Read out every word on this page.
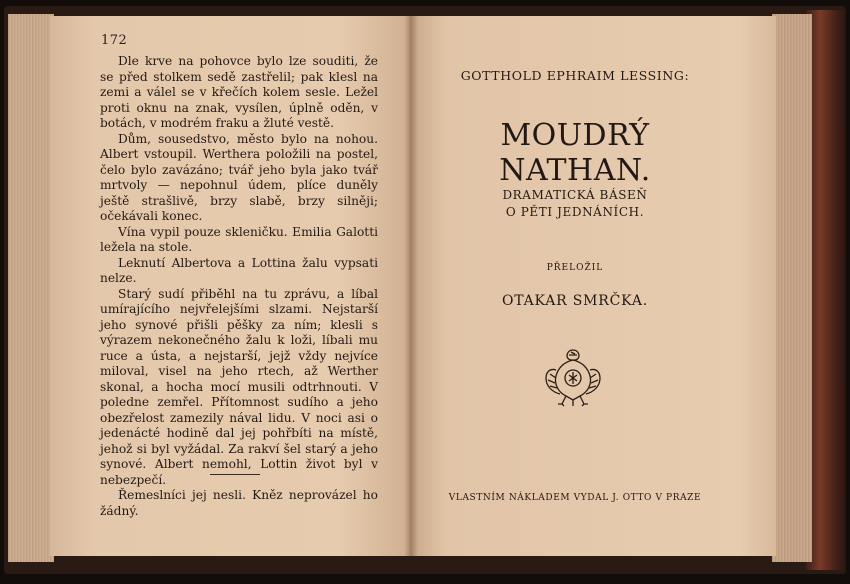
172

Dle krve na pohovce bylo lze souditi, že se před stolkem sedě zastřelil; pak klesl na zemi a válel se v křečích kolem sesle. Ležel proti oknu na znak, vysílen, úplně oděn, v botách, v modrém fraku a žluté vestě.

Dům, sousedstvo, město bylo na nohou. Albert vstoupil. Werthera položili na postel, čelo bylo zavázáno; tvář jeho byla jako tvář mrtvoly — nepohnul údem, plíce duněly ještě strašlivě, brzy slabě, brzy silněji; očekávali konec.

Vína vypil pouze skleničku. Emilia Galotti ležela na stole.

Leknutí Albertova a Lottina žalu vypsati nelze.

Starý sudí přiběhl na tu zprávu, a líbal umírajícího nejvřelejšími slzami. Nejstarší jeho synové přišli pěšky za ním; klesli s výrazem nekonečného žalu k loži, líbali mu ruce a ústa, a nejstarší, jejž vždy nejvíce miloval, visel na jeho rtech, až Werther skonal, a hocha mocí musili odtrhnouti. V poledne zemřel. Přítomnost sudího a jeho obezřelost zamezily nával lidu. V noci asi o jedenácté hodině dal jej pohřbíti na místě, jehož si byl vyžádal. Za rakví šel starý a jeho synové. Albert nemohl, Lottin život byl v nebezpečí.

Řemeslníci jej nesli. Kněz neprovázel ho žádný.

GOTTHOLD EPHRAIM LESSING:
MOUDRÝ NATHAN.
DRAMATICKÁ BÁSEŇ
O PĚTI JEDNÁNÍCH.
PŘELOŽIL
OTAKAR SMRČKA.
VLASTNÍM NÁKLADEM VYDAL J. OTTO V PRAZE
